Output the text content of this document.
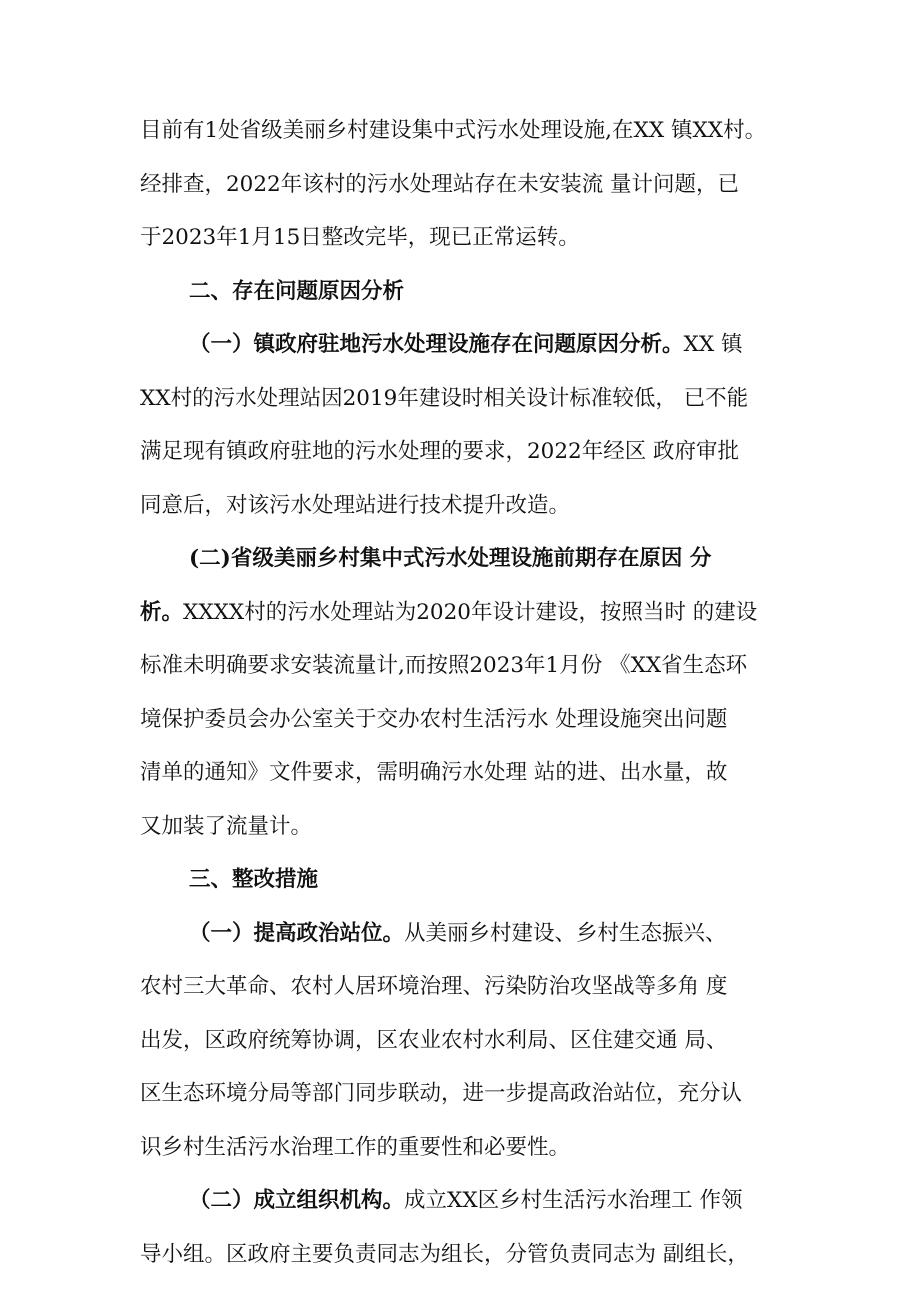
目前有1处省级美丽乡村建设集中式污水处理设施,在XX 镇XX村。
经排查，2022年该村的污水处理站存在未安装流 量计问题，已
于2023年1月15日整改完毕，现已正常运转。
二、存在问题原因分析
（一）镇政府驻地污水处理设施存在问题原因分析。XX 镇
XX村的污水处理站因2019年建设时相关设计标准较低， 已不能
满足现有镇政府驻地的污水处理的要求，2022年经区 政府审批
同意后，对该污水处理站进行技术提升改造。
(二)省级美丽乡村集中式污水处理设施前期存在原因 分
析。XXXX村的污水处理站为2020年设计建设，按照当时 的建设
标准未明确要求安装流量计,而按照2023年1月份 《XX省生态环
境保护委员会办公室关于交办农村生活污水 处理设施突出问题
清单的通知》文件要求，需明确污水处理 站的进、出水量，故
又加装了流量计。
三、整改措施
（一）提高政治站位。从美丽乡村建设、乡村生态振兴、
农村三大革命、农村人居环境治理、污染防治攻坚战等多角 度
出发，区政府统筹协调，区农业农村水利局、区住建交通 局、
区生态环境分局等部门同步联动，进一步提高政治站位，充分认
识乡村生活污水治理工作的重要性和必要性。
（二）成立组织机构。成立XX区乡村生活污水治理工 作领
导小组。区政府主要负责同志为组长，分管负责同志为 副组长，
